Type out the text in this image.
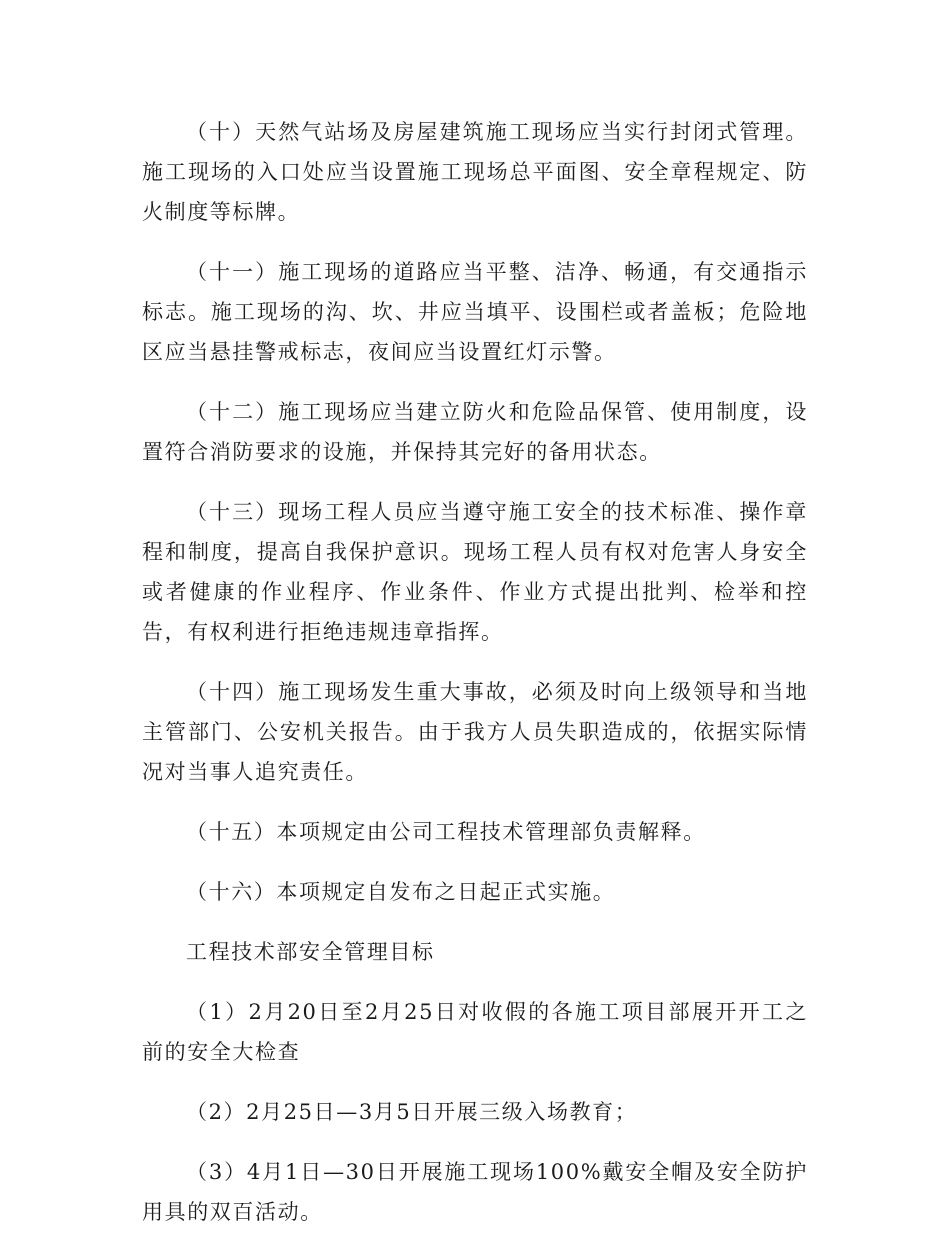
（十）天然气站场及房屋建筑施工现场应当实行封闭式管理。施工现场的入口处应当设置施工现场总平面图、安全章程规定、防火制度等标牌。

（十一）施工现场的道路应当平整、洁净、畅通，有交通指示标志。施工现场的沟、坎、井应当填平、设围栏或者盖板；危险地区应当悬挂警戒标志，夜间应当设置红灯示警。

（十二）施工现场应当建立防火和危险品保管、使用制度，设置符合消防要求的设施，并保持其完好的备用状态。

（十三）现场工程人员应当遵守施工安全的技术标准、操作章程和制度，提高自我保护意识。现场工程人员有权对危害人身安全或者健康的作业程序、作业条件、作业方式提出批判、检举和控告，有权利进行拒绝违规违章指挥。

（十四）施工现场发生重大事故，必须及时向上级领导和当地主管部门、公安机关报告。由于我方人员失职造成的，依据实际情况对当事人追究责任。

（十五）本项规定由公司工程技术管理部负责解释。

（十六）本项规定自发布之日起正式实施。

工程技术部安全管理目标

（1）2月20日至2月25日对收假的各施工项目部展开开工之前的安全大检查

（2）2月25日—3月5日开展三级入场教育；

（3）4月1日—30日开展施工现场100%戴安全帽及安全防护用具的双百活动。
